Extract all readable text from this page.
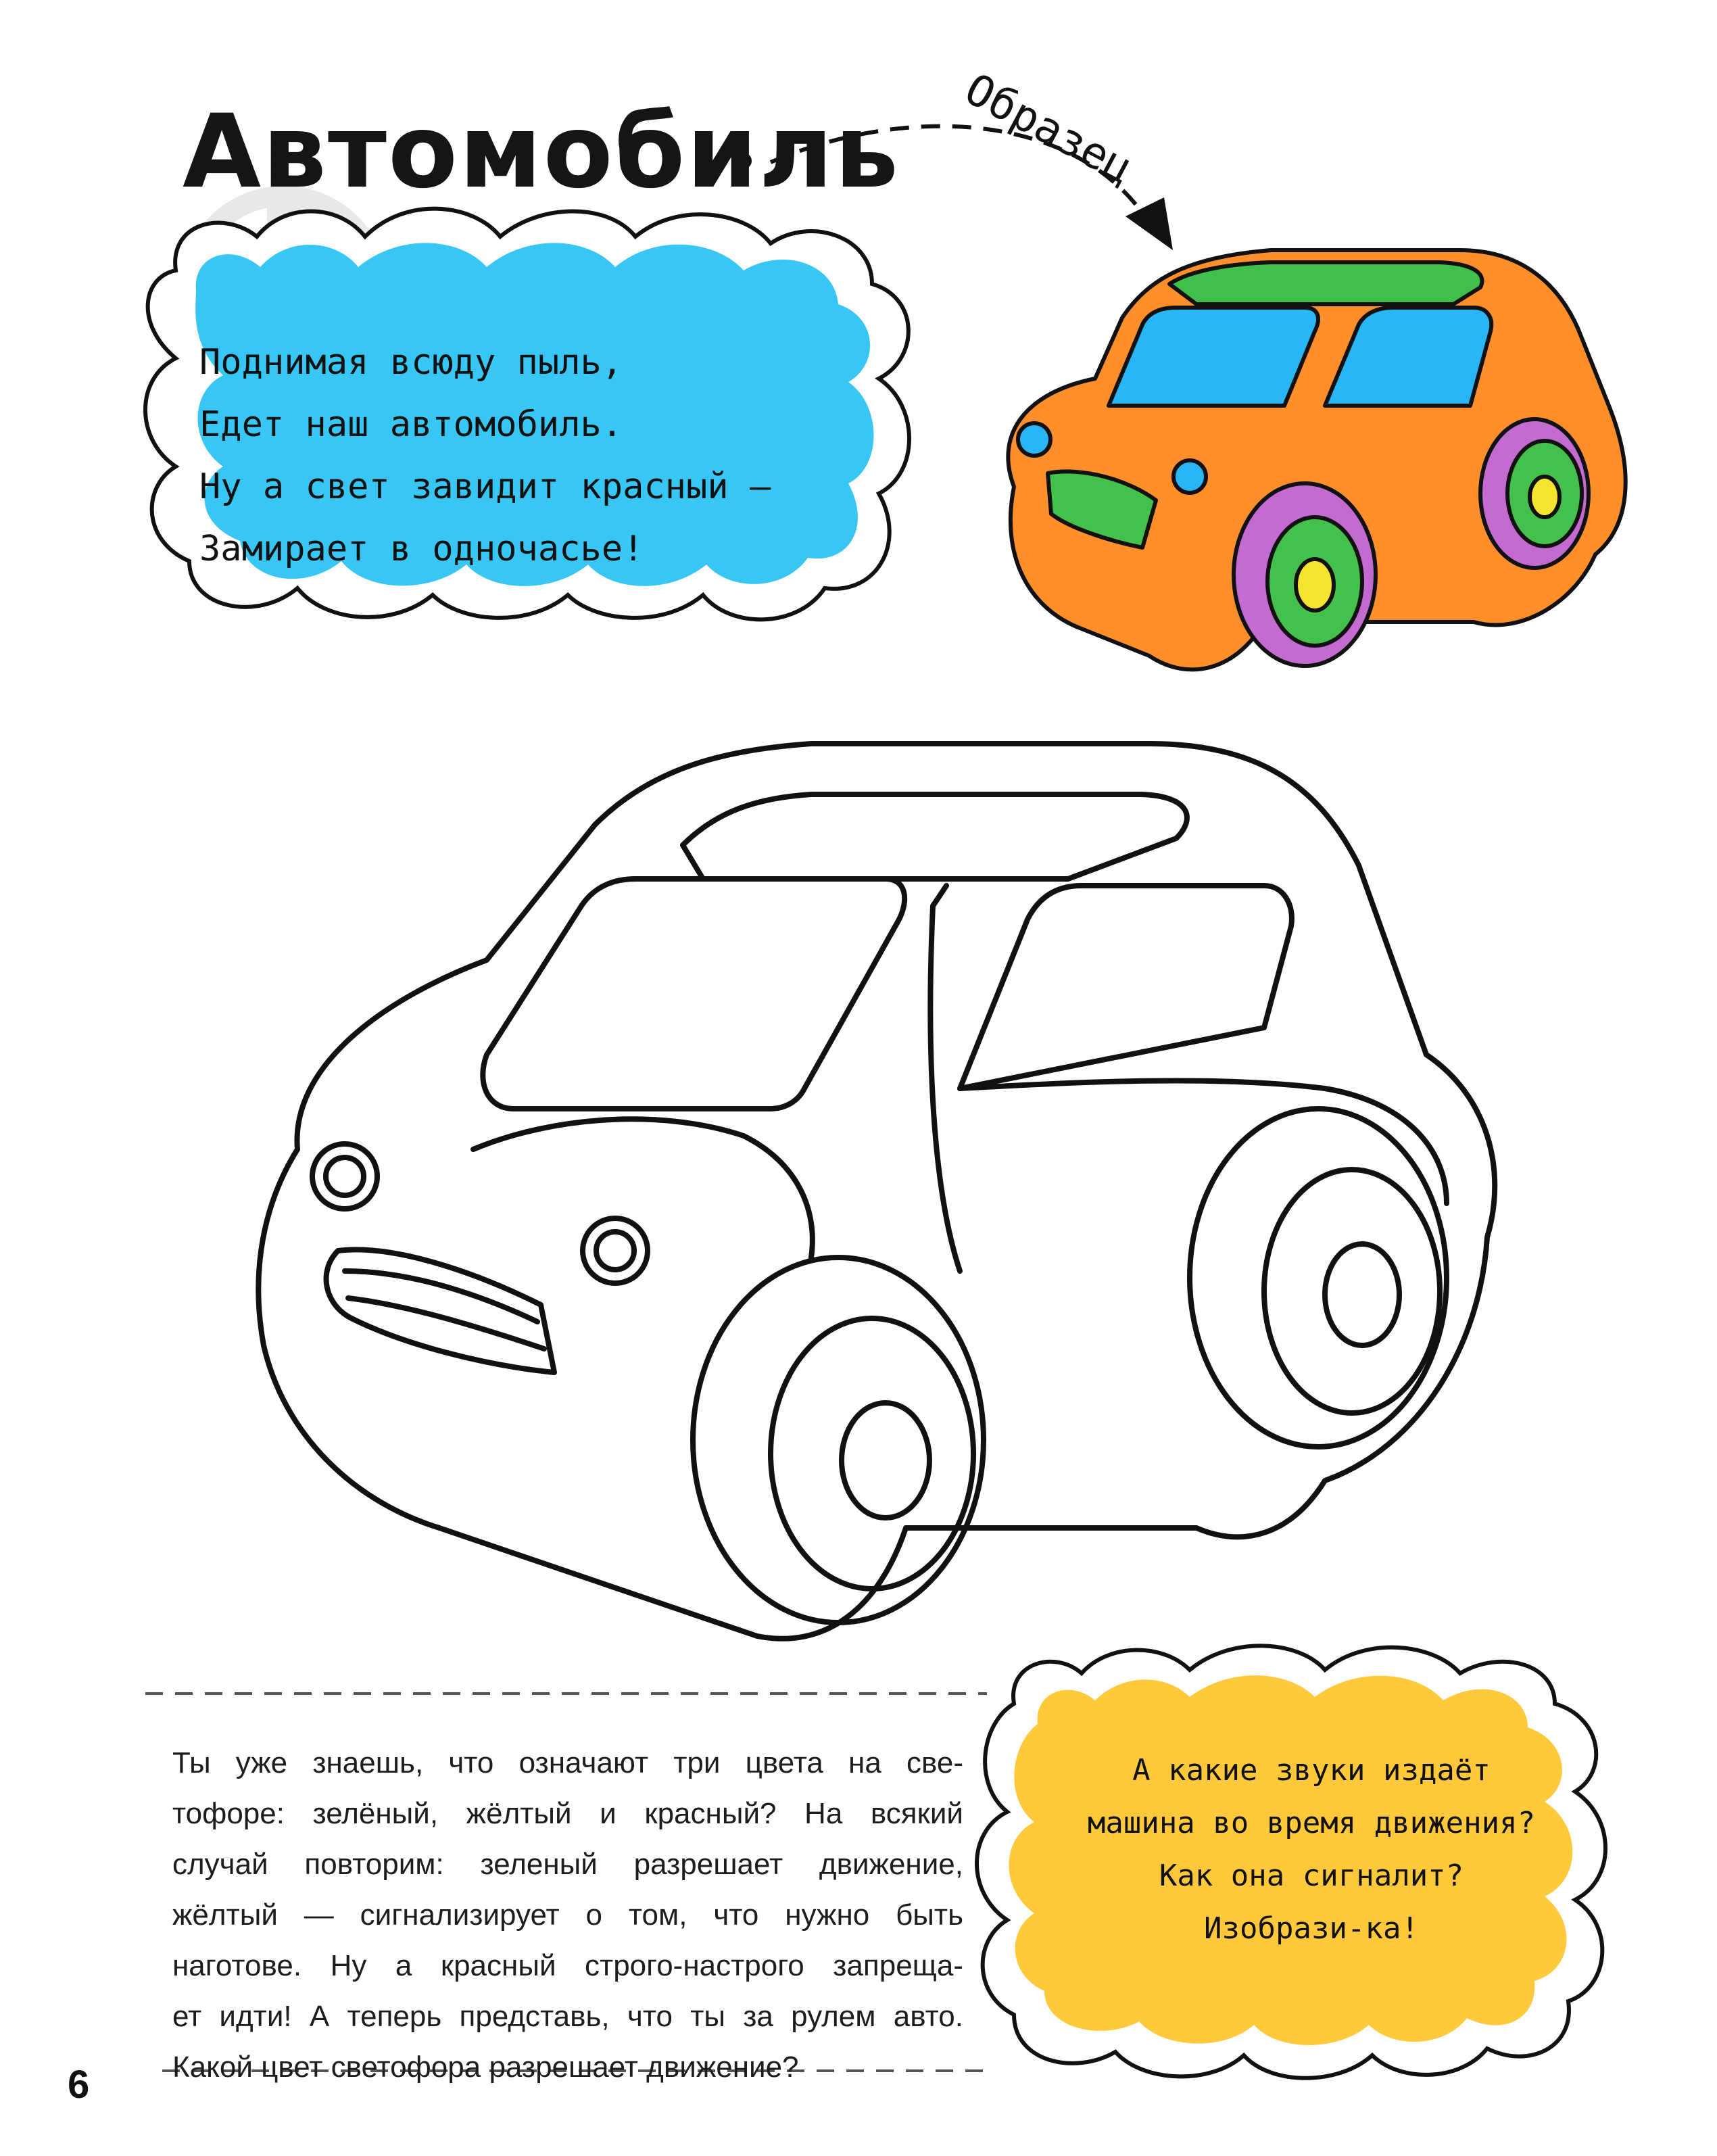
Автомобиль Образец
Поднимая всюду пыль,
Едет наш автомобиль.
Ну а свет завидит красный –
Замирает в одночасье!
Ты уже знаешь, что означают три цвета на све-
тофоре: зелёный, жёлтый и красный? На всякий
случай повторим: зеленый разрешает движение,
жёлтый — сигнализирует о том, что нужно быть
наготове. Ну а красный строго-настрого запреща-
ет идти! А теперь представь, что ты за рулем авто.
Какой цвет светофора разрешает движение?
А какие звуки издаёт
машина во время движения?
Как она сигналит?
Изобрази-ка!
6
